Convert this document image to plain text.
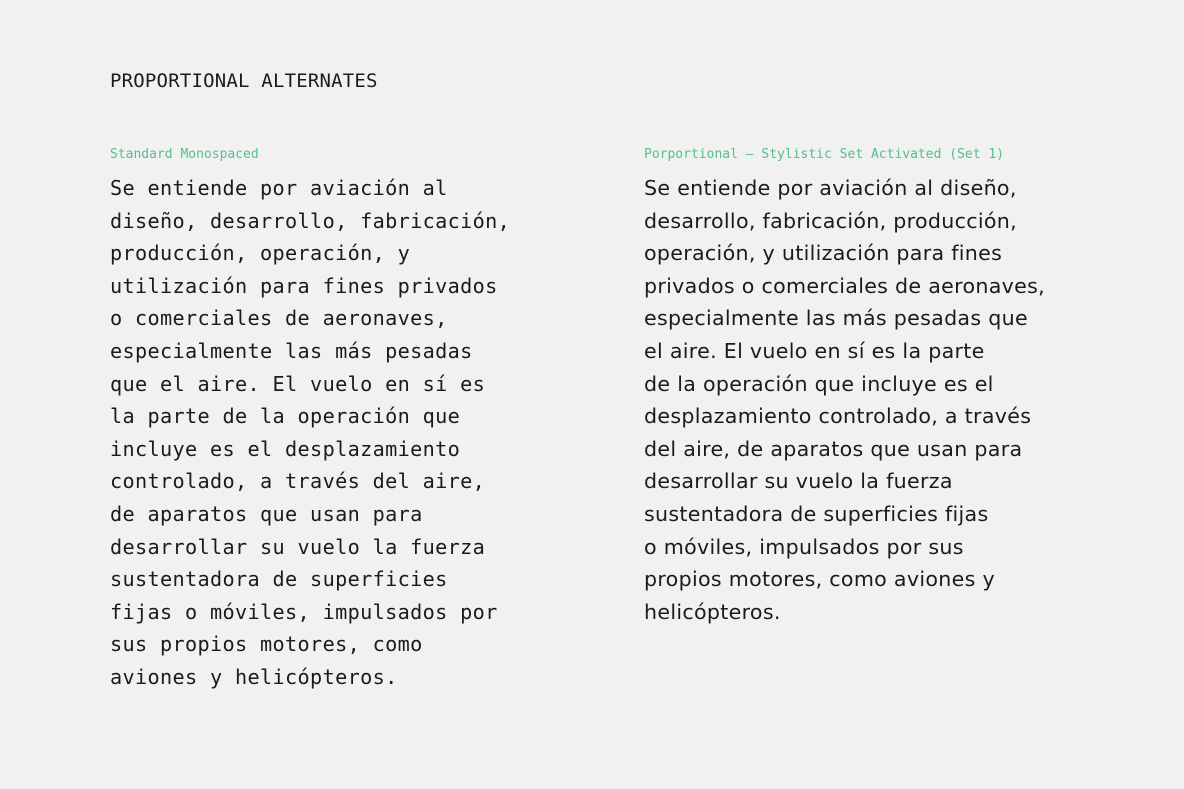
PROPORTIONAL ALTERNATES

Standard Monospaced

Se entiende por aviación al
diseño, desarrollo, fabricación,
producción, operación, y
utilización para fines privados
o comerciales de aeronaves,
especialmente las más pesadas
que el aire. El vuelo en sí es
la parte de la operación que
incluye es el desplazamiento
controlado, a través del aire,
de aparatos que usan para
desarrollar su vuelo la fuerza
sustentadora de superficies
fijas o móviles, impulsados por
sus propios motores, como
aviones y helicópteros.

Porportional – Stylistic Set Activated (Set 1)

Se entiende por aviación al diseño,
desarrollo, fabricación, producción,
operación, y utilización para fines
privados o comerciales de aeronaves,
especialmente las más pesadas que
el aire. El vuelo en sí es la parte
de la operación que incluye es el
desplazamiento controlado, a través
del aire, de aparatos que usan para
desarrollar su vuelo la fuerza
sustentadora de superficies fijas
o móviles, impulsados por sus
propios motores, como aviones y
helicópteros.
